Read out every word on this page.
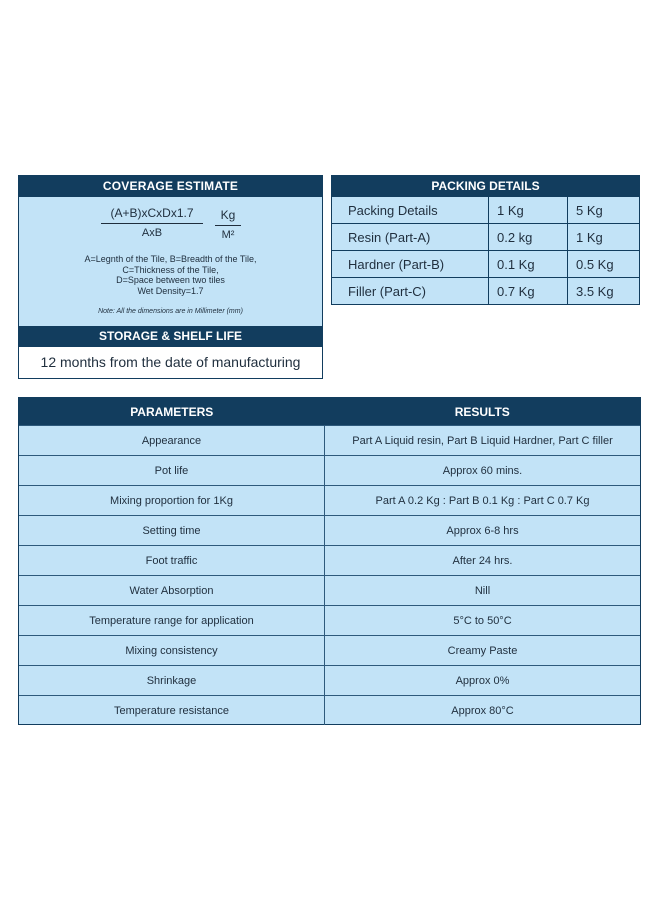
COVERAGE ESTIMATE
(A+B)xCxDx1.7
AxB	$\frac{Kg}{\text{M²}}$
A=Legnth of the Tile, B=Breadth of the Tile,
C=Thickness of the Tile,
D=Space between two tiles
Wet Density=1.7
Note: All the dimensions are in Millimeter (mm)
STORAGE & SHELF LIFE
12 months from the date of manufacturing
PACKING DETAILS
Packing Details	1 Kg	5 Kg
Resin (Part-A)	0.2 kg	1 Kg
Hardner (Part-B)	0.1 Kg	0.5 Kg
Filler (Part-C)	0.7 Kg	3.5 Kg
PARAMETERS	RESULTS
Appearance	Part A Liquid resin, Part B Liquid Hardner, Part C filler
Pot life	Approx 60 mins.
Mixing proportion for 1Kg	Part A 0.2 Kg : Part B 0.1 Kg : Part C 0.7 Kg
Setting time	Approx 6-8 hrs
Foot traffic	After 24 hrs.
Water Absorption	Nill
Temperature range for application	5°C to 50°C
Mixing consistency	Creamy Paste
Shrinkage	Approx 0%
Temperature resistance	Approx 80°C
